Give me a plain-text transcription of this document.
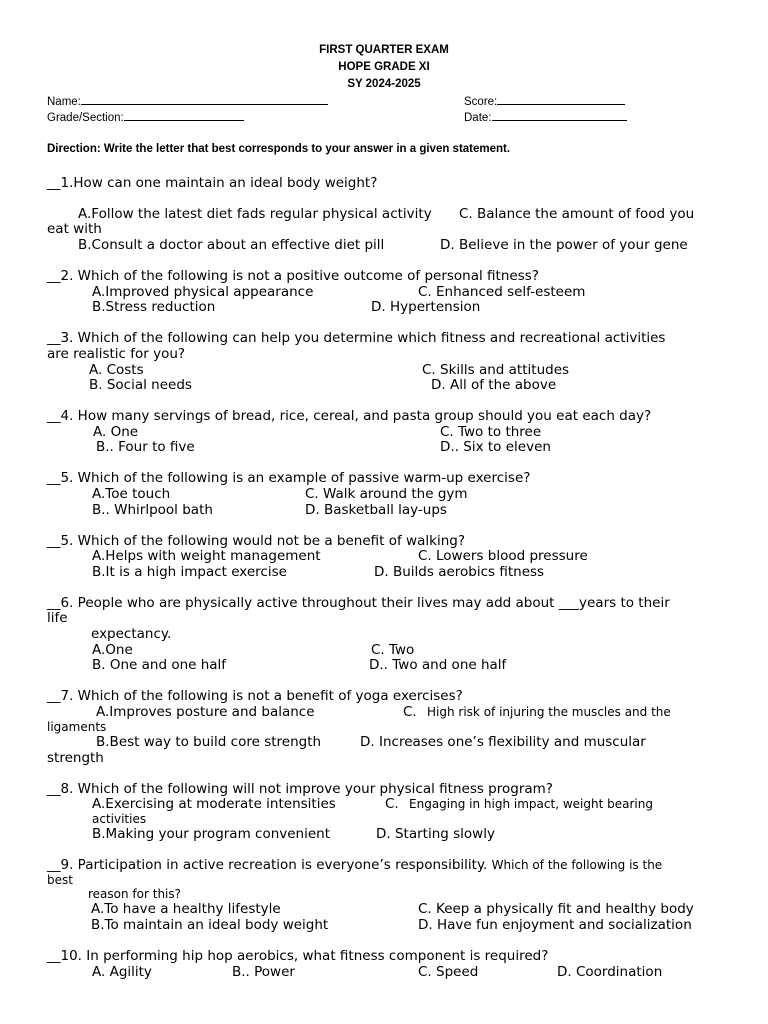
FIRST QUARTER EXAM
HOPE GRADE XI
SY 2024-2025
Name:	Score:
Grade/Section:	Date:
Direction: Write the letter that best corresponds to your answer in a given statement.
__1.How can one maintain an ideal body weight?
A.Follow the latest diet fads regular physical activity C. Balance the amount of food you
eat with
B.Consult a doctor about an effective diet pill	D. Believe in the power of your gene
__2. Which of the following is not a positive outcome of personal fitness?
A.Improved physical appearance	C. Enhanced self-esteem
B.Stress reduction	D. Hypertension
__3. Which of the following can help you determine which fitness and recreational activities
are realistic for you?
A. Costs	C. Skills and attitudes
B. Social needs	D. All of the above
__4. How many servings of bread, rice, cereal, and pasta group should you eat each day?
A. One	C. Two to three
B.. Four to five	D.. Six to eleven
__5. Which of the following is an example of passive warm-up exercise?
A.Toe touch	C. Walk around the gym
B.. Whirlpool bath	D. Basketball lay-ups
__5. Which of the following would not be a benefit of walking?
A.Helps with weight management	C. Lowers blood pressure
B.It is a high impact exercise	D. Builds aerobics fitness
__6. People who are physically active throughout their lives may add about ___years to their
life
expectancy.
A.One	C. Two
B. One and one half	D.. Two and one half
__7. Which of the following is not a benefit of yoga exercises?
A.Improves posture and balance	C. High risk of injuring the muscles and the
ligaments
B.Best way to build core strength	D. Increases one’s flexibility and muscular
strength
__8. Which of the following will not improve your physical fitness program?
A.Exercising at moderate intensities	C. Engaging in high impact, weight bearing
activities
B.Making your program convenient	D. Starting slowly
__9. Participation in active recreation is everyone’s responsibility. Which of the following is the
best
reason for this?
A.To have a healthy lifestyle	C. Keep a physically fit and healthy body
B.To maintain an ideal body weight	D. Have fun enjoyment and socialization
__10. In performing hip hop aerobics, what fitness component is required?
A. Agility	B.. Power	C. Speed	D. Coordination
